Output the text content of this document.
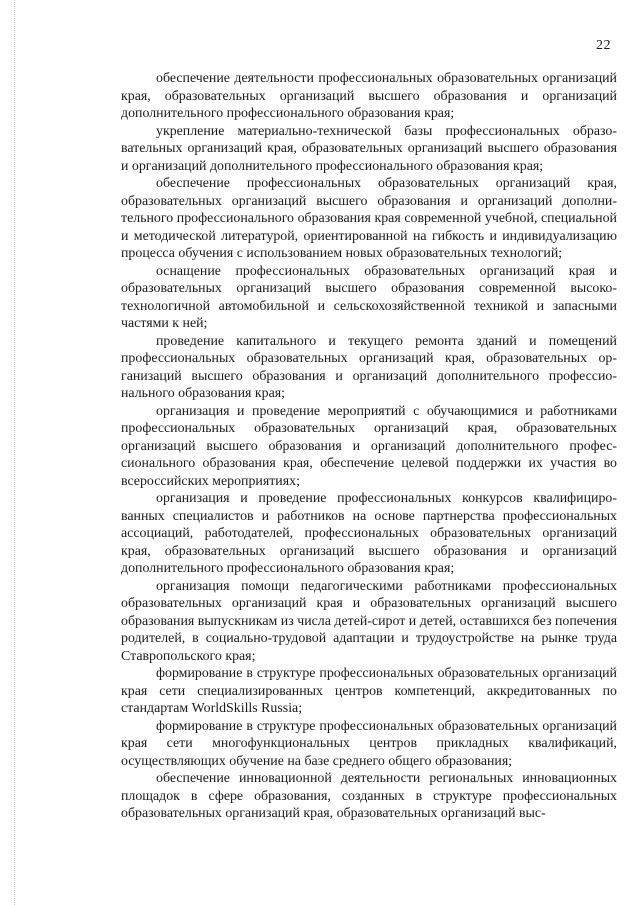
22

обеспечение деятельности профессиональных образовательных организаций края, образовательных организаций высшего образования и организаций дополнительного профессионального образования края;

укрепление материально-технической базы профессиональных образовательных организаций края, образовательных организаций высшего образования и организаций дополнительного профессионального образования края;

обеспечение профессиональных образовательных организаций края, образовательных организаций высшего образования и организаций дополнительного профессионального образования края современной учебной, специальной и методической литературой, ориентированной на гибкость и индивидуализацию процесса обучения с использованием новых образовательных технологий;

оснащение профессиональных образовательных организаций края и образовательных организаций высшего образования современной высокотехнологичной автомобильной и сельскохозяйственной техникой и запасными частями к ней;

проведение капитального и текущего ремонта зданий и помещений профессиональных образовательных организаций края, образовательных организаций высшего образования и организаций дополнительного профессионального образования края;

организация и проведение мероприятий с обучающимися и работниками профессиональных образовательных организаций края, образовательных организаций высшего образования и организаций дополнительного профессионального образования края, обеспечение целевой поддержки их участия во всероссийских мероприятиях;

организация и проведение профессиональных конкурсов квалифицированных специалистов и работников на основе партнерства профессиональных ассоциаций, работодателей, профессиональных образовательных организаций края, образовательных организаций высшего образования и организаций дополнительного профессионального образования края;

организация помощи педагогическими работниками профессиональных образовательных организаций края и образовательных организаций высшего образования выпускникам из числа детей-сирот и детей, оставшихся без попечения родителей, в социально-трудовой адаптации и трудоустройстве на рынке труда Ставропольского края;

формирование в структуре профессиональных образовательных организаций края сети специализированных центров компетенций, аккредитованных по стандартам WorldSkills Russia;

формирование в структуре профессиональных образовательных организаций края сети многофункциональных центров прикладных квалификаций, осуществляющих обучение на базе среднего общего образования;

обеспечение инновационной деятельности региональных инновационных площадок в сфере образования, созданных в структуре профессиональных образовательных организаций края, образовательных организаций выс-
